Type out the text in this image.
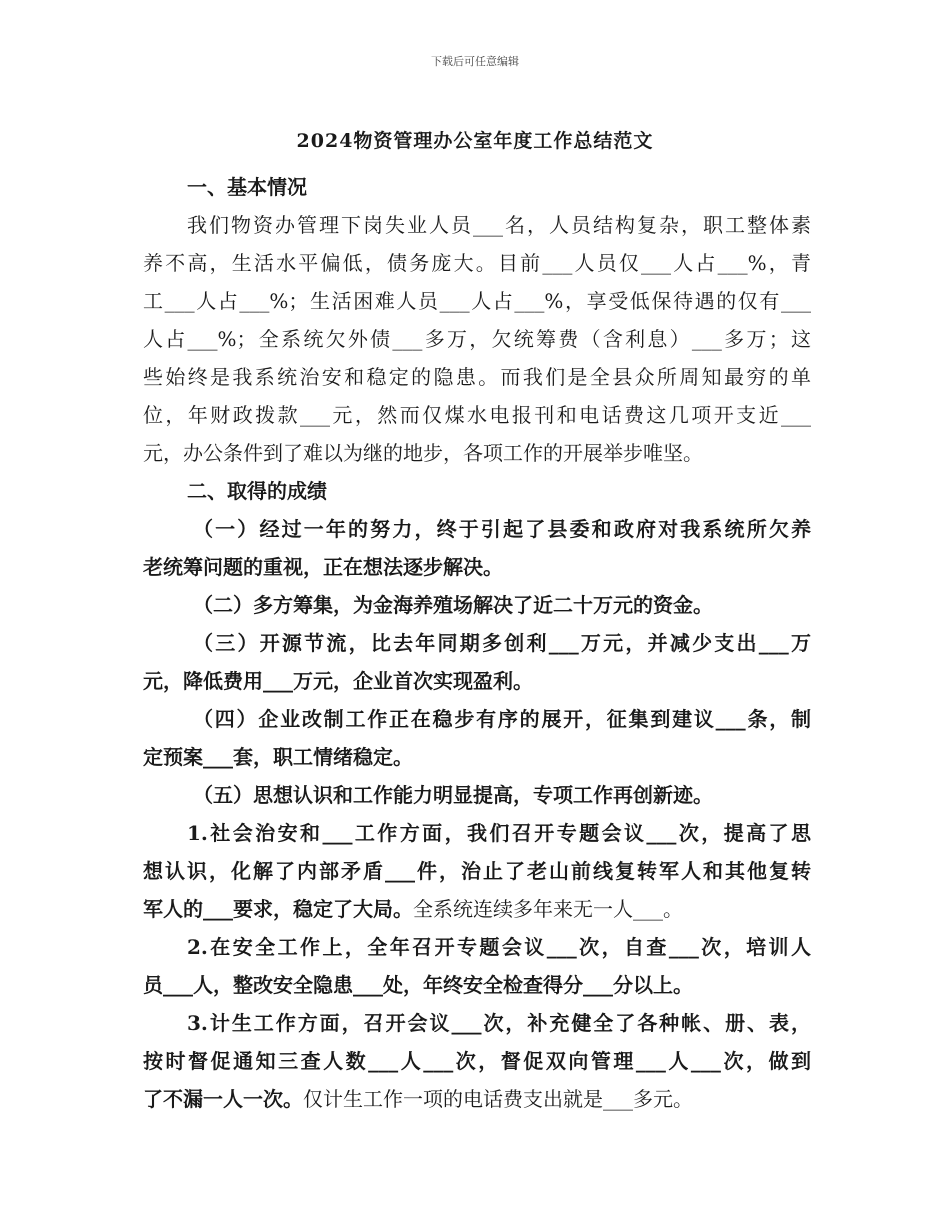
下载后可任意编辑
2024物资管理办公室年度工作总结范文
一、基本情况
我们物资办管理下岗失业人员___名，人员结构复杂，职工整体素
养不高，生活水平偏低，债务庞大。目前___人员仅___人占___%，青
工___人占___%；生活困难人员___人占___%，享受低保待遇的仅有___
人占___%；全系统欠外债___多万，欠统筹费（含利息）___多万；这
些始终是我系统治安和稳定的隐患。而我们是全县众所周知最穷的单
位，年财政拨款___元，然而仅煤水电报刊和电话费这几项开支近___
元，办公条件到了难以为继的地步，各项工作的开展举步唯坚。
二、取得的成绩
（一）经过一年的努力，终于引起了县委和政府对我系统所欠养
老统筹问题的重视，正在想法逐步解决。
（二）多方筹集，为金海养殖场解决了近二十万元的资金。
（三）开源节流，比去年同期多创利___万元，并减少支出___万
元，降低费用___万元，企业首次实现盈利。
（四）企业改制工作正在稳步有序的展开，征集到建议___条，制
定预案___套，职工情绪稳定。
（五）思想认识和工作能力明显提高，专项工作再创新迹。
1.社会治安和___工作方面，我们召开专题会议___次，提高了思
想认识，化解了内部矛盾___件，治止了老山前线复转军人和其他复转
军人的___要求，稳定了大局。全系统连续多年来无一人___。
2.在安全工作上，全年召开专题会议___次，自查___次，培训人
员___人，整改安全隐患___处，年终安全检查得分___分以上。
3.计生工作方面，召开会议___次，补充健全了各种帐、册、表，
按时督促通知三查人数___人___次，督促双向管理___人___次，做到
了不漏一人一次。仅计生工作一项的电话费支出就是___多元。
